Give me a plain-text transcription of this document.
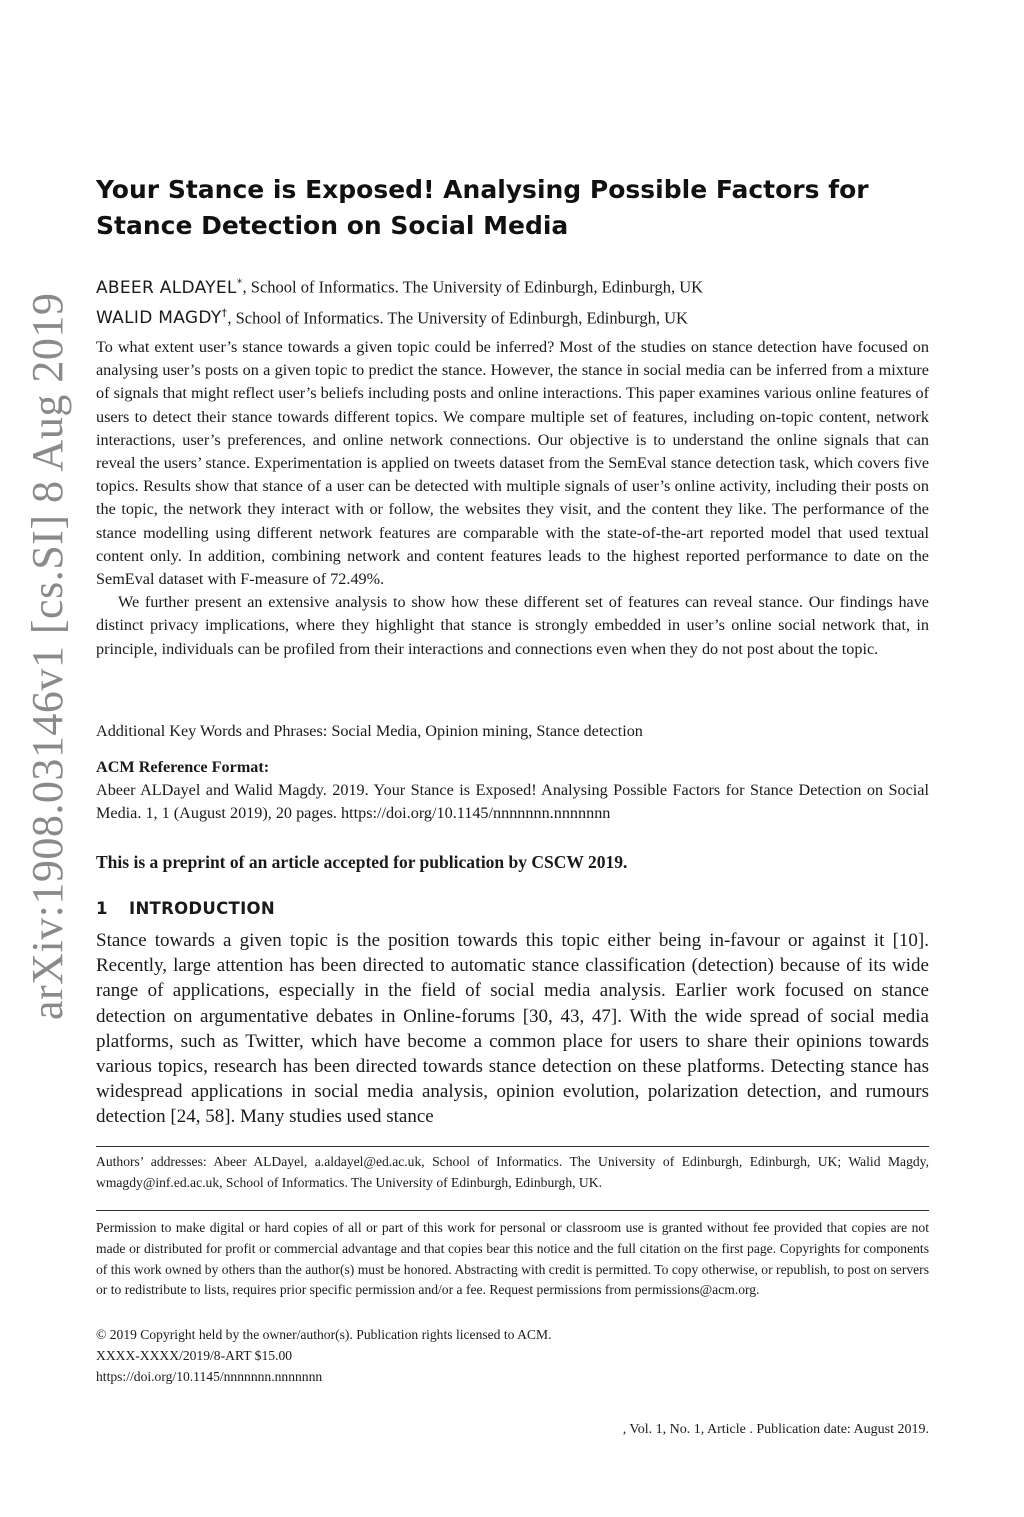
arXiv:1908.03146v1 [cs.SI] 8 Aug 2019
Your Stance is Exposed! Analysing Possible Factors for Stance Detection on Social Media
ABEER ALDAYEL*, School of Informatics. The University of Edinburgh, Edinburgh, UK
WALID MAGDY†, School of Informatics. The University of Edinburgh, Edinburgh, UK

To what extent user’s stance towards a given topic could be inferred? Most of the studies on stance detection have focused on analysing user’s posts on a given topic to predict the stance. However, the stance in social media can be inferred from a mixture of signals that might reflect user’s beliefs including posts and online interactions. This paper examines various online features of users to detect their stance towards different topics. We compare multiple set of features, including on-topic content, network interactions, user’s preferences, and online network connections. Our objective is to understand the online signals that can reveal the users’ stance. Experimentation is applied on tweets dataset from the SemEval stance detection task, which covers five topics. Results show that stance of a user can be detected with multiple signals of user’s online activity, including their posts on the topic, the network they interact with or follow, the websites they visit, and the content they like. The performance of the stance modelling using different network features are comparable with the state-of-the-art reported model that used textual content only. In addition, combining network and content features leads to the highest reported performance to date on the SemEval dataset with F-measure of 72.49%.

We further present an extensive analysis to show how these different set of features can reveal stance. Our findings have distinct privacy implications, where they highlight that stance is strongly embedded in user’s online social network that, in principle, individuals can be profiled from their interactions and connections even when they do not post about the topic.

Additional Key Words and Phrases: Social Media, Opinion mining, Stance detection
ACM Reference Format:
Abeer ALDayel and Walid Magdy. 2019. Your Stance is Exposed! Analysing Possible Factors for Stance Detection on Social Media. 1, 1 (August 2019), 20 pages. https://doi.org/10.1145/nnnnnnn.nnnnnnn
This is a preprint of an article accepted for publication by CSCW 2019.
1 INTRODUCTION

Stance towards a given topic is the position towards this topic either being in-favour or against it [10]. Recently, large attention has been directed to automatic stance classification (detection) because of its wide range of applications, especially in the field of social media analysis. Earlier work focused on stance detection on argumentative debates in Online-forums [30, 43, 47]. With the wide spread of social media platforms, such as Twitter, which have become a common place for users to share their opinions towards various topics, research has been directed towards stance detection on these platforms. Detecting stance has widespread applications in social media analysis, opinion evolution, polarization detection, and rumours detection [24, 58]. Many studies used stance

Authors’ addresses: Abeer ALDayel, a.aldayel@ed.ac.uk, School of Informatics. The University of Edinburgh, Edinburgh, UK; Walid Magdy, wmagdy@inf.ed.ac.uk, School of Informatics. The University of Edinburgh, Edinburgh, UK.
Permission to make digital or hard copies of all or part of this work for personal or classroom use is granted without fee provided that copies are not made or distributed for profit or commercial advantage and that copies bear this notice and the full citation on the first page. Copyrights for components of this work owned by others than the author(s) must be honored. Abstracting with credit is permitted. To copy otherwise, or republish, to post on servers or to redistribute to lists, requires prior specific permission and/or a fee. Request permissions from permissions@acm.org.
© 2019 Copyright held by the owner/author(s). Publication rights licensed to ACM.
XXXX-XXXX/2019/8-ART $15.00
https://doi.org/10.1145/nnnnnnn.nnnnnnn
, Vol. 1, No. 1, Article . Publication date: August 2019.
